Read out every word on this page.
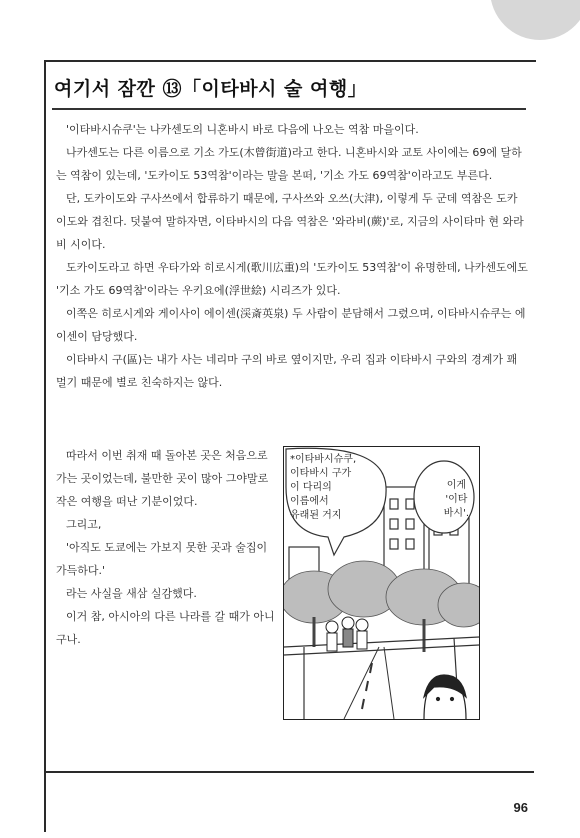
여기서 잠깐 ⑬「이타바시 술 여행」

'이타바시슈쿠'는 나카센도의 니혼바시 바로 다음에 나오는 역참 마을이다.

나카센도는 다른 이름으로 기소 가도(木曾街道)라고 한다. 니혼바시와 교토 사이에는 69에 달하는 역참이 있는데, '도카이도 53역참'이라는 말을 본떠, '기소 가도 69역참'이라고도 부른다.

단, 도카이도와 구사쓰에서 합류하기 때문에, 구사쓰와 오쓰(大津), 이렇게 두 군데 역참은 도카이도와 겹친다. 덧붙여 말하자면, 이타바시의 다음 역참은 '와라비(蕨)'로, 지금의 사이타마 현 와라비 시이다.

도카이도라고 하면 우타가와 히로시게(歌川広重)의 '도카이도 53역참'이 유명한데, 나카센도에도 '기소 가도 69역참'이라는 우키요에(浮世絵) 시리즈가 있다.

이쪽은 히로시게와 게이사이 에이센(渓斎英泉) 두 사람이 분담해서 그렸으며, 이타바시슈쿠는 에이센이 담당했다.

이타바시 구(區)는 내가 사는 네리마 구의 바로 옆이지만, 우리 집과 이타바시 구와의 경계가 꽤 멀기 때문에 별로 친숙하지는 않다.

따라서 이번 취재 때 돌아본 곳은 처음으로 가는 곳이었는데, 불만한 곳이 많아 그야말로 작은 여행을 떠난 기분이었다.

그리고,

'아직도 도쿄에는 가보지 못한 곳과 술집이 가득하다.'

라는 사실을 새삼 실감했다.

이거 참, 아시아의 다른 나라를 갈 때가 아니구나.

*이타바시슈쿠,
이타바시 구가
이 다리의
이름에서
유래된 거지
이게
'이타
바시'.
96
